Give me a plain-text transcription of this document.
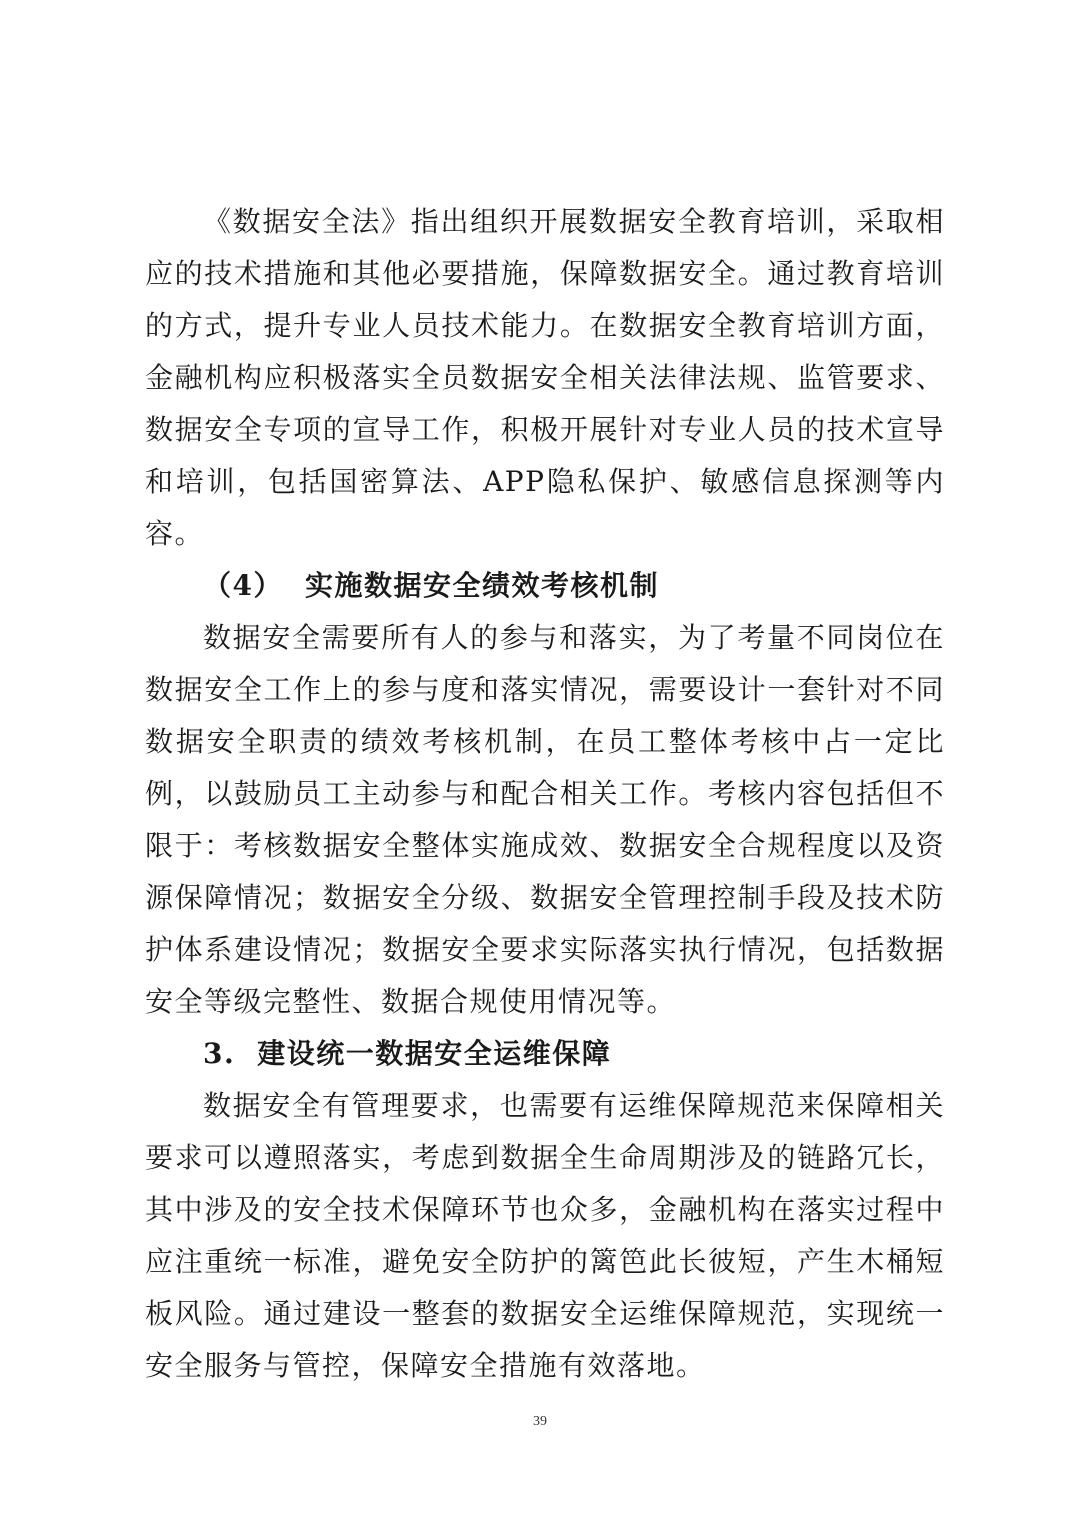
《数据安全法》指出组织开展数据安全教育培训，采取相应的技术措施和其他必要措施，保障数据安全。通过教育培训的方式，提升专业人员技术能力。在数据安全教育培训方面，金融机构应积极落实全员数据安全相关法律法规、监管要求、数据安全专项的宣导工作，积极开展针对专业人员的技术宣导和培训，包括国密算法、APP隐私保护、敏感信息探测等内容。

（4） 实施数据安全绩效考核机制

数据安全需要所有人的参与和落实，为了考量不同岗位在数据安全工作上的参与度和落实情况，需要设计一套针对不同数据安全职责的绩效考核机制，在员工整体考核中占一定比例，以鼓励员工主动参与和配合相关工作。考核内容包括但不限于：考核数据安全整体实施成效、数据安全合规程度以及资源保障情况；数据安全分级、数据安全管理控制手段及技术防护体系建设情况；数据安全要求实际落实执行情况，包括数据安全等级完整性、数据合规使用情况等。

3. 建设统一数据安全运维保障

数据安全有管理要求，也需要有运维保障规范来保障相关要求可以遵照落实，考虑到数据全生命周期涉及的链路冗长，其中涉及的安全技术保障环节也众多，金融机构在落实过程中应注重统一标准，避免安全防护的篱笆此长彼短，产生木桶短板风险。通过建设一整套的数据安全运维保障规范，实现统一安全服务与管控，保障安全措施有效落地。

39
